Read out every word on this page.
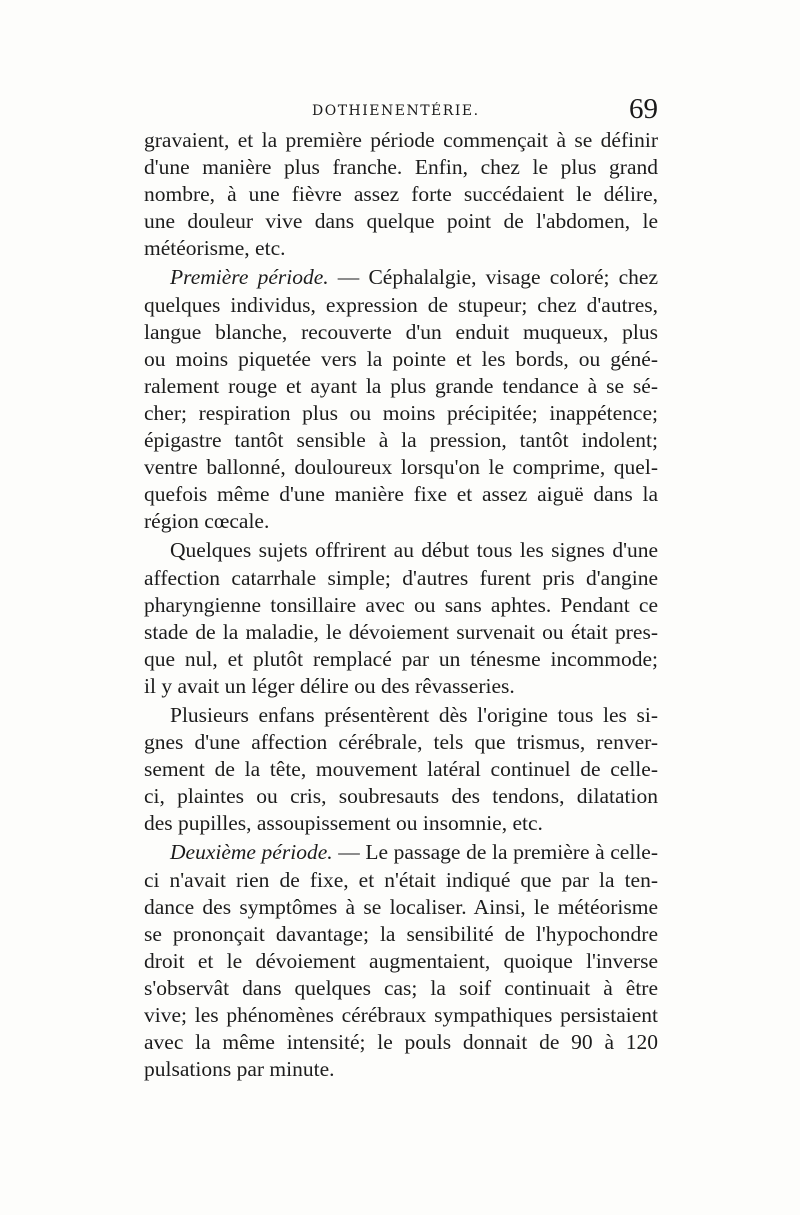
DOTHIENENTÉRIE.	69
gravaient, et la première période commençait à se définir
d'une manière plus franche. Enfin, chez le plus grand
nombre, à une fièvre assez forte succédaient le délire,
une douleur vive dans quelque point de l'abdomen, le
météorisme, etc.
Première période. — Céphalalgie, visage coloré; chez
quelques individus, expression de stupeur; chez d'autres,
langue blanche, recouverte d'un enduit muqueux, plus
ou moins piquetée vers la pointe et les bords, ou géné-
ralement rouge et ayant la plus grande tendance à se sé-
cher; respiration plus ou moins précipitée; inappétence;
épigastre tantôt sensible à la pression, tantôt indolent;
ventre ballonné, douloureux lorsqu'on le comprime, quel-
quefois même d'une manière fixe et assez aiguë dans la
région cœcale.
Quelques sujets offrirent au début tous les signes d'une
affection catarrhale simple; d'autres furent pris d'angine
pharyngienne tonsillaire avec ou sans aphtes. Pendant ce
stade de la maladie, le dévoiement survenait ou était pres-
que nul, et plutôt remplacé par un ténesme incommode;
il y avait un léger délire ou des rêvasseries.
Plusieurs enfans présentèrent dès l'origine tous les si-
gnes d'une affection cérébrale, tels que trismus, renver-
sement de la tête, mouvement latéral continuel de celle-
ci, plaintes ou cris, soubresauts des tendons, dilatation
des pupilles, assoupissement ou insomnie, etc.
Deuxième période. — Le passage de la première à celle-
ci n'avait rien de fixe, et n'était indiqué que par la ten-
dance des symptômes à se localiser. Ainsi, le météorisme
se prononçait davantage; la sensibilité de l'hypochondre
droit et le dévoiement augmentaient, quoique l'inverse
s'observât dans quelques cas; la soif continuait à être
vive; les phénomènes cérébraux sympathiques persistaient
avec la même intensité; le pouls donnait de 90 à 120
pulsations par minute.
